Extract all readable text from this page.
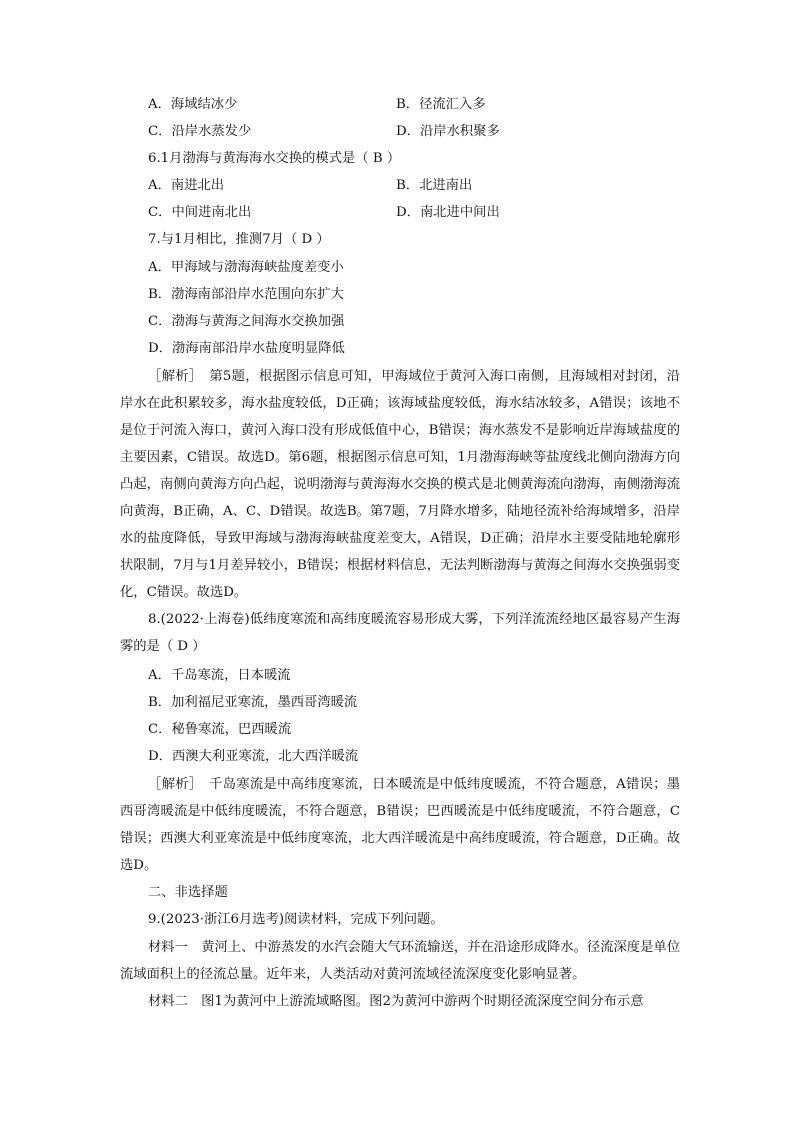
A．海域结冰少	B．径流汇入多
C．沿岸水蒸发少	D．沿岸水积聚多
6.1月渤海与黄海海水交换的模式是（ B ）
A．南进北出	B．北进南出
C．中间进南北出	D．南北进中间出
7.与1月相比，推测7月（ D ）
A．甲海域与渤海海峡盐度差变小
B．渤海南部沿岸水范围向东扩大
C．渤海与黄海之间海水交换加强
D．渤海南部沿岸水盐度明显降低
［解析］　第5题，根据图示信息可知，甲海域位于黄河入海口南侧，且海域相对封闭，沿岸水在此积累较多，海水盐度较低，D正确；该海域盐度较低，海水结冰较多，A错误；该地不是位于河流入海口，黄河入海口没有形成低值中心，B错误；海水蒸发不是影响近岸海域盐度的主要因素，C错误。故选D。第6题，根据图示信息可知，1月渤海海峡等盐度线北侧向渤海方向凸起，南侧向黄海方向凸起，说明渤海与黄海海水交换的模式是北侧黄海流向渤海，南侧渤海流向黄海，B正确，A、C、D错误。故选B。第7题，7月降水增多，陆地径流补给海域增多，沿岸水的盐度降低，导致甲海域与渤海海峡盐度差变大，A错误，D正确；沿岸水主要受陆地轮廓形状限制，7月与1月差异较小，B错误；根据材料信息，无法判断渤海与黄海之间海水交换强弱变化，C错误。故选D。
8.(2022·上海卷)低纬度寒流和高纬度暖流容易形成大雾，下列洋流流经地区最容易产生海雾的是（ D ）
A．千岛寒流，日本暖流
B．加利福尼亚寒流，墨西哥湾暖流
C．秘鲁寒流，巴西暖流
D．西澳大利亚寒流，北大西洋暖流
［解析］　千岛寒流是中高纬度寒流，日本暖流是中低纬度暖流，不符合题意，A错误；墨西哥湾暖流是中低纬度暖流，不符合题意，B错误；巴西暖流是中低纬度暖流，不符合题意，C错误；西澳大利亚寒流是中低纬度寒流，北大西洋暖流是中高纬度暖流，符合题意，D正确。故选D。
二、非选择题
9.(2023·浙江6月选考)阅读材料，完成下列问题。
材料一　黄河上、中游蒸发的水汽会随大气环流输送，并在沿途形成降水。径流深度是单位流域面积上的径流总量。近年来，人类活动对黄河流域径流深度变化影响显著。
材料二　图1为黄河中上游流域略图。图2为黄河中游两个时期径流深度空间分布示意
